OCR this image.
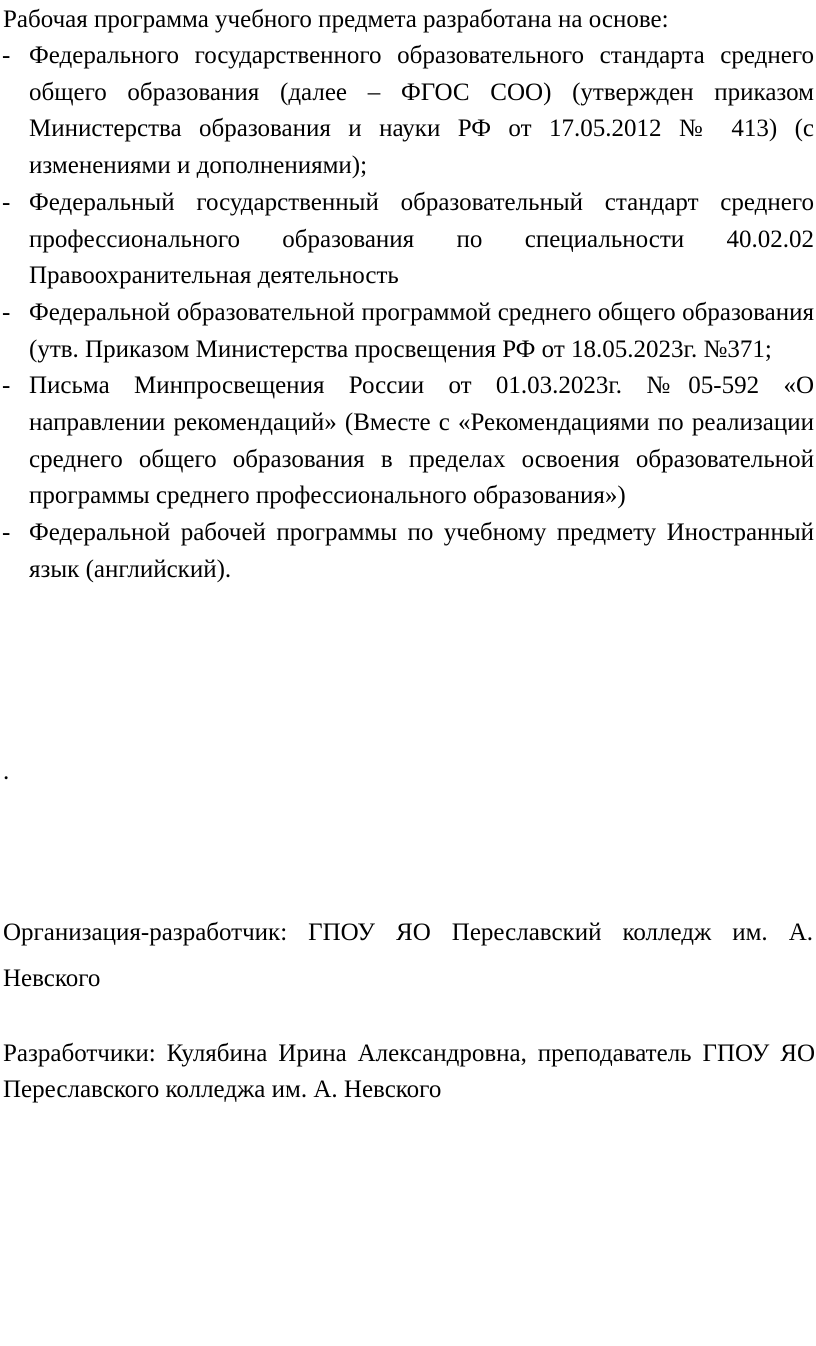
Рабочая программа учебного предмета разработана на основе:

- Федерального государственного образовательного стандарта среднего общего образования (далее – ФГОС СОО) (утвержден приказом Министерства образования и науки РФ от 17.05.2012 № 413) (с изменениями и дополнениями);
- Федеральный государственный образовательный стандарт среднего профессионального образования по специальности 40.02.02 Правоохранительная деятельность
- Федеральной образовательной программой среднего общего образования (утв. Приказом Министерства просвещения РФ от 18.05.2023г. №371;
- Письма Минпросвещения России от 01.03.2023г. №05-592 «О направлении рекомендаций» (Вместе с «Рекомендациями по реализации среднего общего образования в пределах освоения образовательной программы среднего профессионального образования»)
- Федеральной рабочей программы по учебному предмету Иностранный язык (английский).
.

Организация-разработчик: ГПОУ ЯО Переславский колледж им. А. Невского

Разработчики: Кулябина Ирина Александровна, преподаватель ГПОУ ЯО Переславского колледжа им. А. Невского
